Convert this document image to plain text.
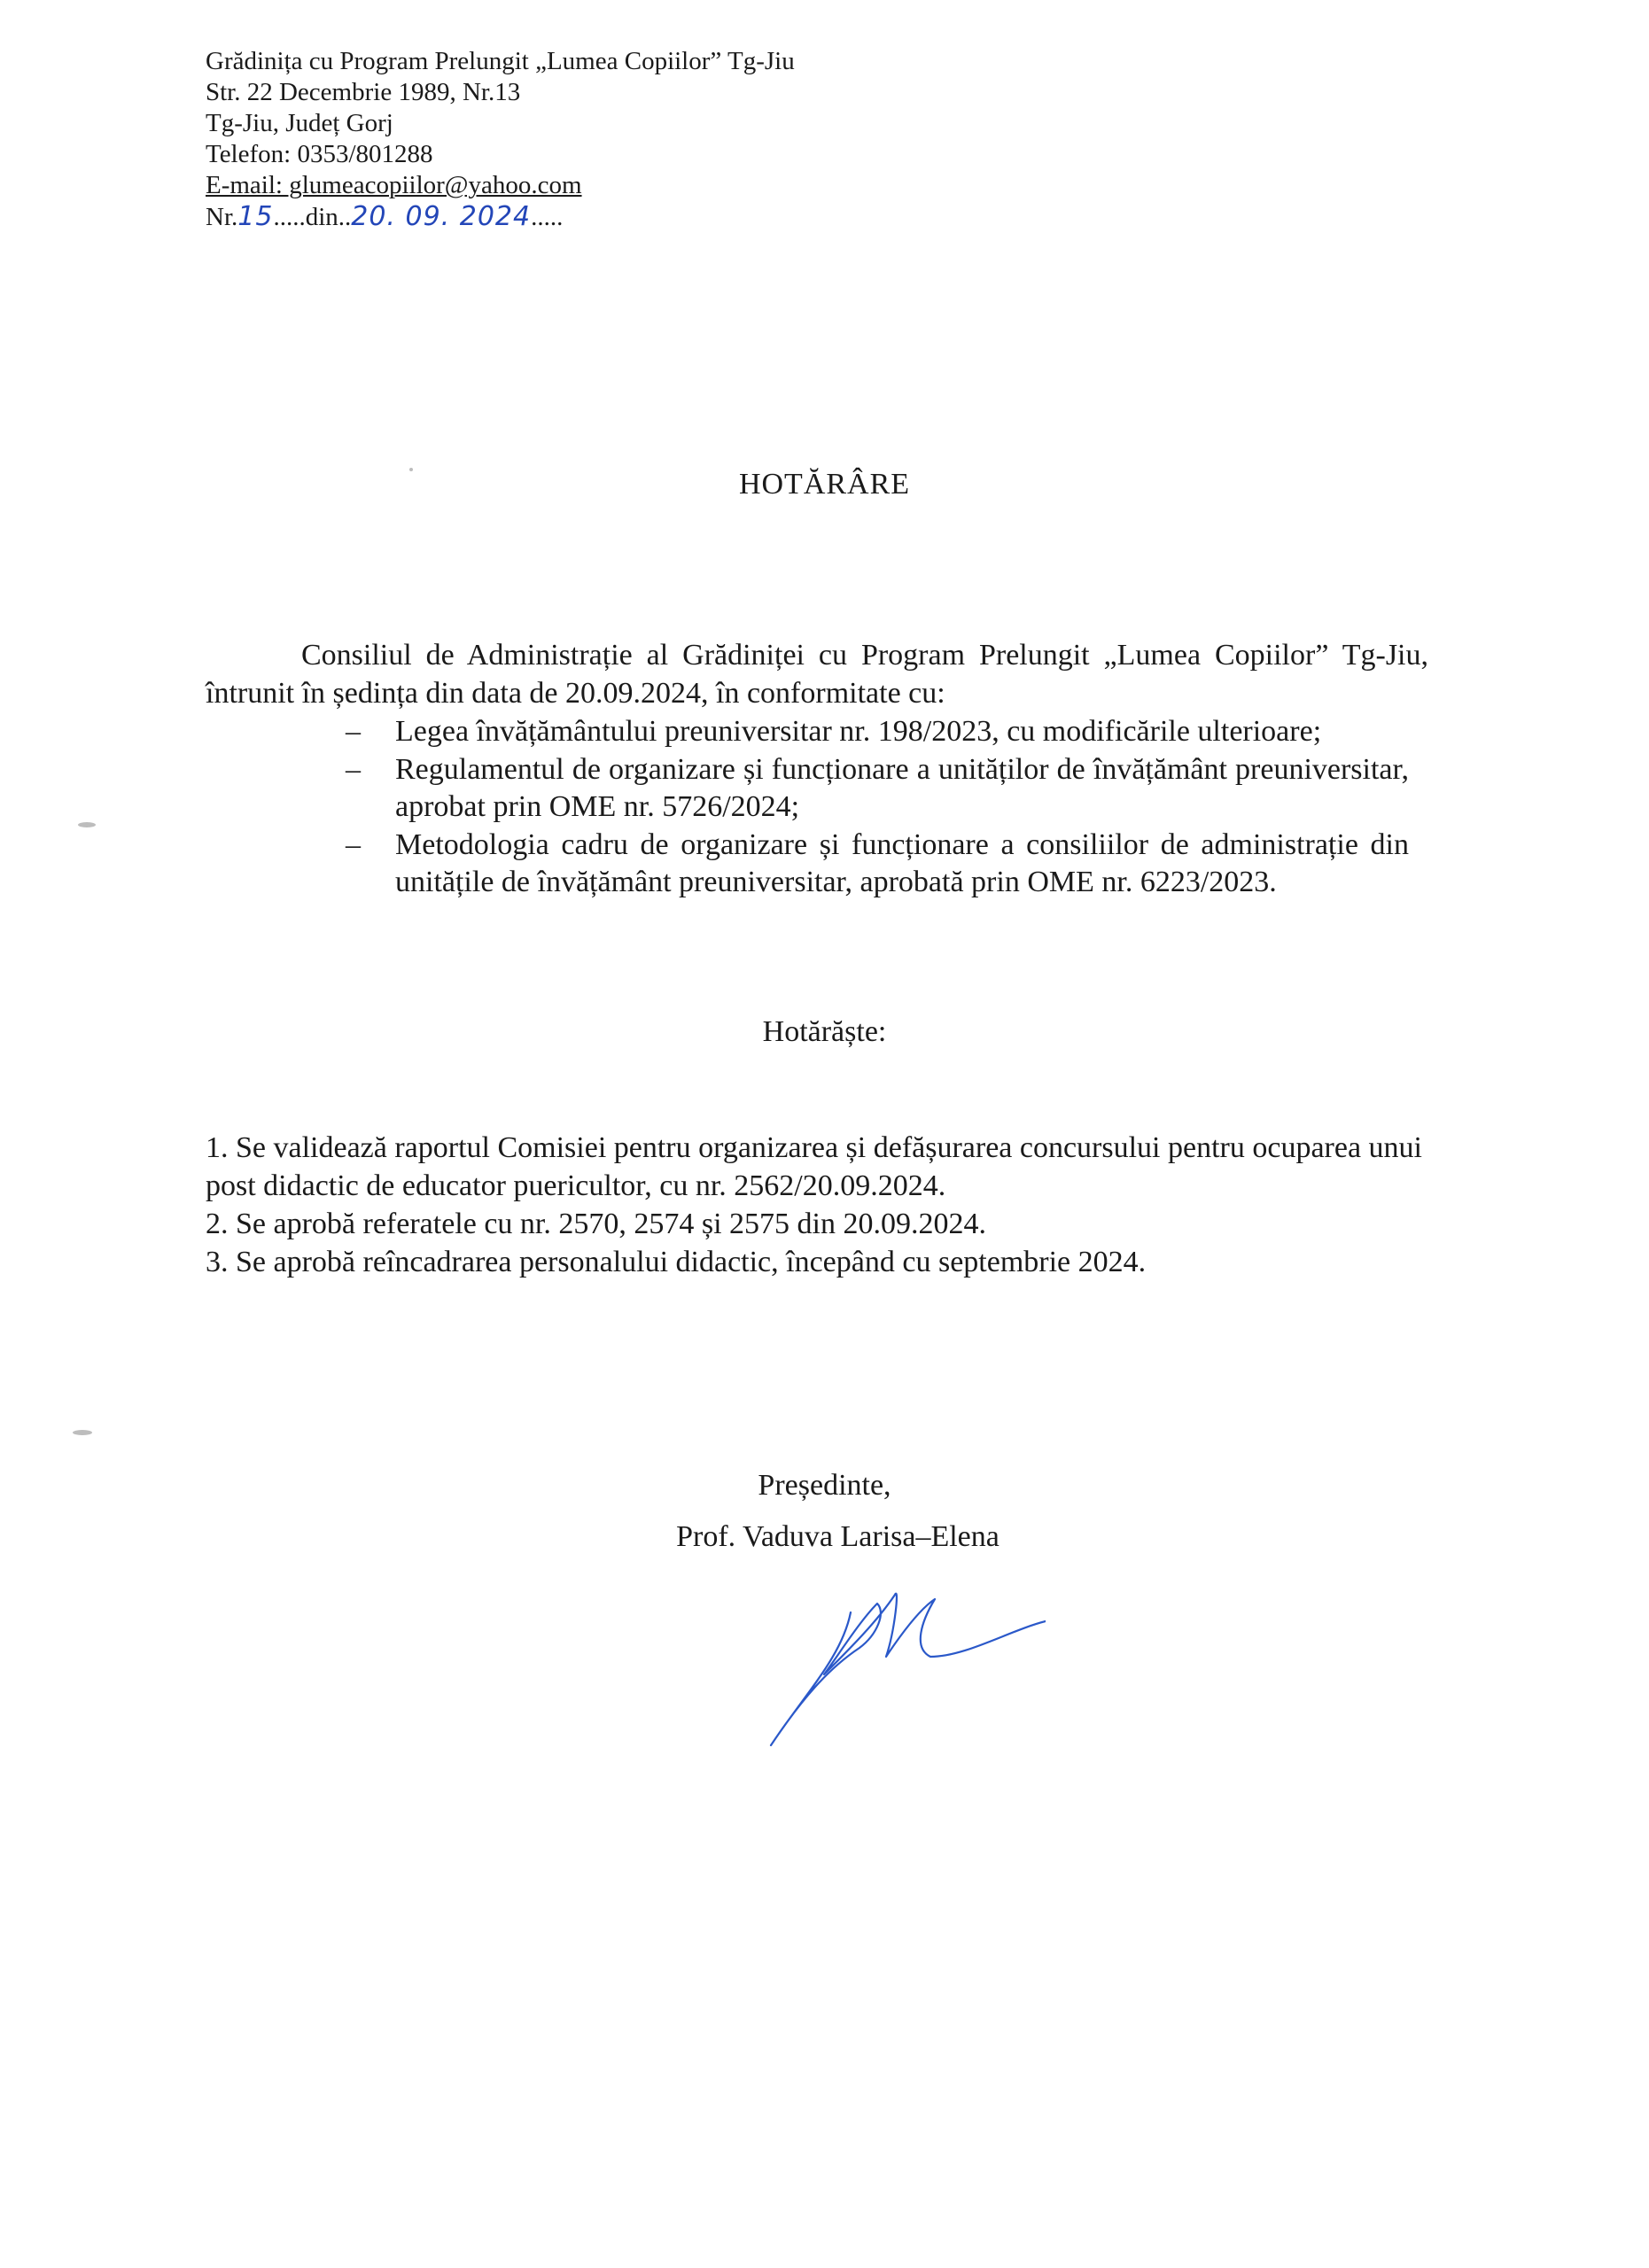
Grădinița cu Program Prelungit „Lumea Copiilor” Tg-Jiu
Str. 22 Decembrie 1989, Nr.13
Tg-Jiu, Județ Gorj
Telefon: 0353/801288
E-mail: glumeacopiilor@yahoo.com
Nr.15.....din..20. 09. 2024.....
HOTĂRÂRE
Consiliul de Administrație al Grădiniței cu Program Prelungit „Lumea Copiilor” Tg-Jiu, întrunit în ședința din data de 20.09.2024, în conformitate cu:
– Legea învățământului preuniversitar nr. 198/2023, cu modificările ulterioare;
– Regulamentul de organizare și funcționare a unităților de învățământ preuniversitar, aprobat prin OME nr. 5726/2024;
– Metodologia cadru de organizare și funcționare a consiliilor de administrație din unitățile de învățământ preuniversitar, aprobată prin OME nr. 6223/2023.
Hotărăște:
1. Se validează raportul Comisiei pentru organizarea și defășurarea concursului pentru ocuparea unui post didactic de educator puericultor, cu nr. 2562/20.09.2024.
2. Se aprobă referatele cu nr. 2570, 2574 și 2575 din 20.09.2024.
3. Se aprobă reîncadrarea personalului didactic, începând cu septembrie 2024.
Președinte,
Prof. Vaduva Larisa–Elena
